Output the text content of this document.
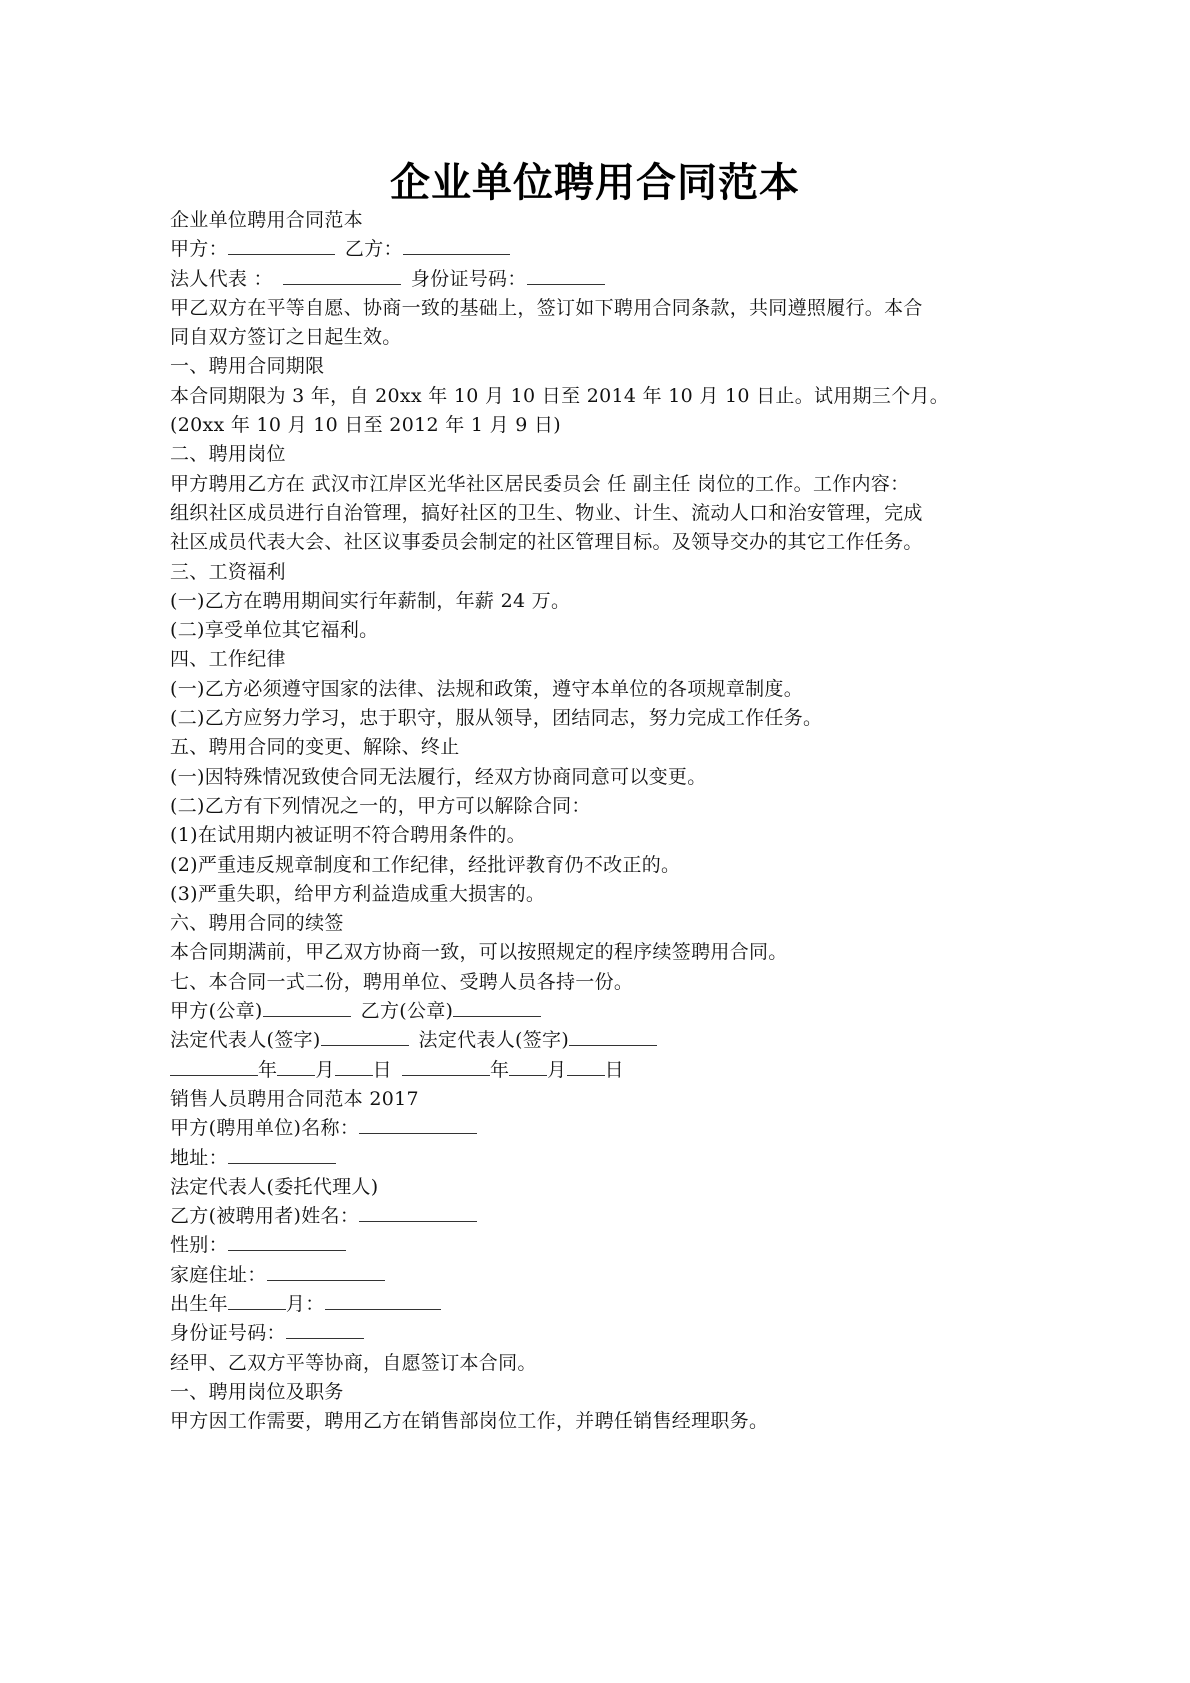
企业单位聘用合同范本
企业单位聘用合同范本
甲方：	乙方：
法人代表 ：	身份证号码：
甲乙双方在平等自愿、协商一致的基础上，签订如下聘用合同条款，共同遵照履行。本合
同自双方签订之日起生效。
一、聘用合同期限
本合同期限为 3 年，自 20xx 年 10 月 10 日至 2014 年 10 月 10 日止。试用期三个月。
(20xx 年 10 月 10 日至 2012 年 1 月 9 日)
二、聘用岗位
甲方聘用乙方在 武汉市江岸区光华社区居民委员会 任 副主任 岗位的工作。工作内容：
组织社区成员进行自治管理，搞好社区的卫生、物业、计生、流动人口和治安管理，完成
社区成员代表大会、社区议事委员会制定的社区管理目标。及领导交办的其它工作任务。
三、工资福利
(一)乙方在聘用期间实行年薪制，年薪 24 万。
(二)享受单位其它福利。
四、工作纪律
(一)乙方必须遵守国家的法律、法规和政策，遵守本单位的各项规章制度。
(二)乙方应努力学习，忠于职守，服从领导，团结同志，努力完成工作任务。
五、聘用合同的变更、解除、终止
(一)因特殊情况致使合同无法履行，经双方协商同意可以变更。
(二)乙方有下列情况之一的，甲方可以解除合同：
(1)在试用期内被证明不符合聘用条件的。
(2)严重违反规章制度和工作纪律，经批评教育仍不改正的。
(3)严重失职，给甲方利益造成重大损害的。
六、聘用合同的续签
本合同期满前，甲乙双方协商一致，可以按照规定的程序续签聘用合同。
七、本合同一式二份，聘用单位、受聘人员各持一份。
甲方(公章)	乙方(公章)
法定代表人(签字)	法定代表人(签字)
年 月 日	年 月 日
销售人员聘用合同范本 2017
甲方(聘用单位)名称：
地址：
法定代表人(委托代理人)
乙方(被聘用者)姓名：
性别：
家庭住址：
出生年	月：
身份证号码：
经甲、乙双方平等协商，自愿签订本合同。
一、聘用岗位及职务
甲方因工作需要，聘用乙方在销售部岗位工作，并聘任销售经理职务。
